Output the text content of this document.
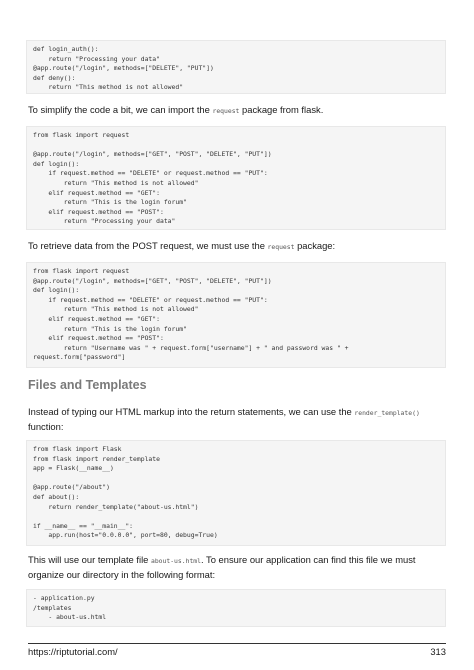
def login_auth():
return "Processing your data"
@app.route("/login", methods=["DELETE", "PUT"])
def deny():
return "This method is not allowed"
To simplify the code a bit, we can import the request package from flask.
from flask import request

@app.route("/login", methods=["GET", "POST", "DELETE", "PUT"])
def login():
if request.method == "DELETE" or request.method == "PUT":
return "This method is not allowed"
elif request.method == "GET":
return "This is the login forum"
elif request.method == "POST":
return "Processing your data"
To retrieve data from the POST request, we must use the request package:
from flask import request
@app.route("/login", methods=["GET", "POST", "DELETE", "PUT"])
def login():
if request.method == "DELETE" or request.method == "PUT":
return "This method is not allowed"
elif request.method == "GET":
return "This is the login forum"
elif request.method == "POST":
return "Username was " + request.form["username"] + " and password was " +
request.form["password"]
Files and Templates
Instead of typing our HTML markup into the return statements, we can use the render_template() function:
from flask import Flask
from flask import render_template
app = Flask(__name__)

@app.route("/about")
def about():
return render_template("about-us.html")

if __name__ == "__main__":
app.run(host="0.0.0.0", port=80, debug=True)
This will use our template file about-us.html. To ensure our application can find this file we must organize our directory in the following format:
- application.py
/templates
- about-us.html
https://riptutorial.com/	313
